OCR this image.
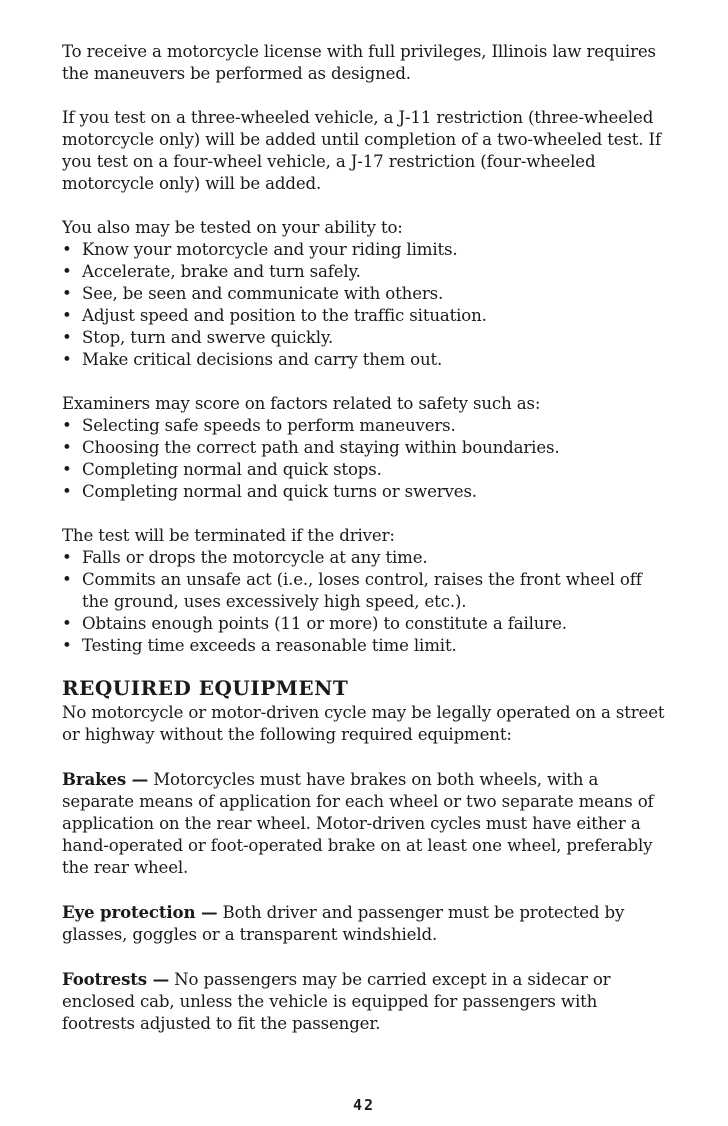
To receive a motorcycle license with full privileges, Illinois law requires the maneuvers be performed as designed.

If you test on a three-wheeled vehicle, a J-11 restriction (three-wheeled motorcycle only) will be added until completion of a two-wheeled test. If you test on a four-wheel vehicle, a J-17 restriction (four-wheeled motorcycle only) will be added.

You also may be tested on your ability to:
• Know your motorcycle and your riding limits.
• Accelerate, brake and turn safely.
• See, be seen and communicate with others.
• Adjust speed and position to the traffic situation.
• Stop, turn and swerve quickly.
• Make critical decisions and carry them out.
Examiners may score on factors related to safety such as:
• Selecting safe speeds to perform maneuvers.
• Choosing the correct path and staying within boundaries.
• Completing normal and quick stops.
• Completing normal and quick turns or swerves.
The test will be terminated if the driver:
• Falls or drops the motorcycle at any time.
• Commits an unsafe act (i.e., loses control, raises the front wheel off the ground, uses excessively high speed, etc.).
• Obtains enough points (11 or more) to constitute a failure.
• Testing time exceeds a reasonable time limit.
REQUIRED EQUIPMENT

No motorcycle or motor-driven cycle may be legally operated on a street or highway without the following required equipment:

Brakes — Motorcycles must have brakes on both wheels, with a separate means of application for each wheel or two separate means of application on the rear wheel. Motor-driven cycles must have either a hand-operated or foot-operated brake on at least one wheel, preferably the rear wheel.

Eye protection — Both driver and passenger must be protected by glasses, goggles or a transparent windshield.

Footrests — No passengers may be carried except in a sidecar or enclosed cab, unless the vehicle is equipped for passengers with footrests adjusted to fit the passenger.

42
